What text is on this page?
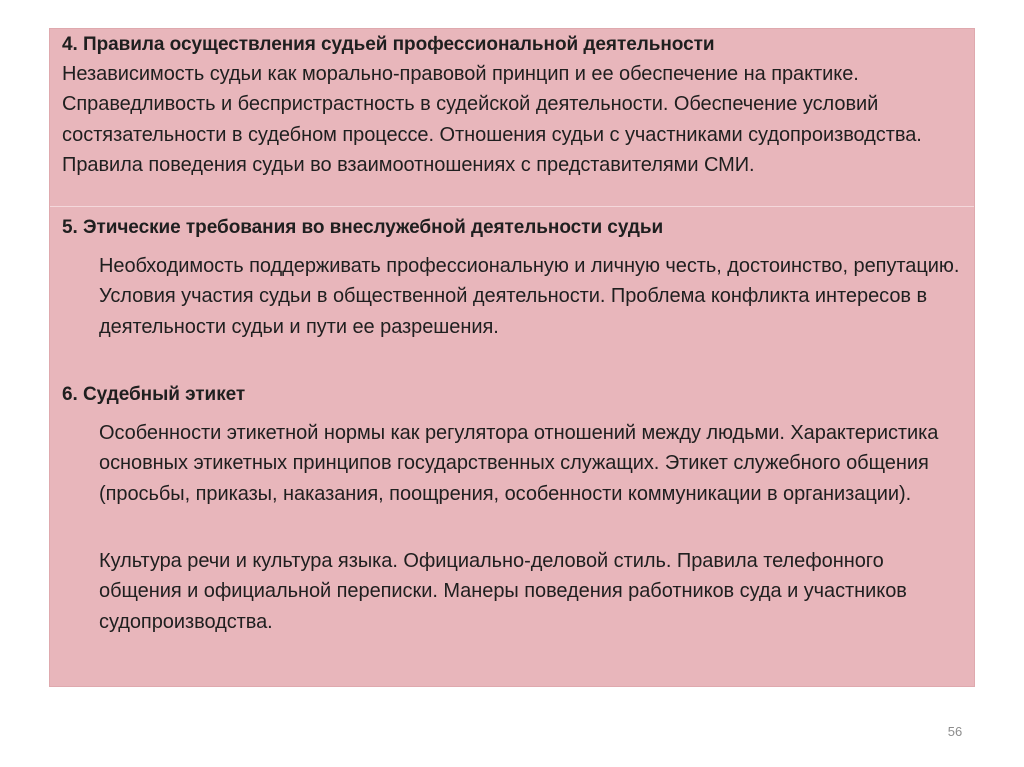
4. Правила осуществления судьей профессиональной деятельности

Независимость судьи как морально-правовой принцип и ее обеспечение на практике. Справедливость и беспристрастность в судейской деятельности. Обеспечение условий состязательности в судебном процессе. Отношения судьи с участниками судопроизводства. Правила поведения судьи во взаимоотношениях с представителями СМИ.

5. Этические требования во внеслужебной деятельности судьи

Необходимость поддерживать профессиональную и личную честь, достоинство, репутацию. Условия участия судьи в общественной деятельности. Проблема конфликта интересов в деятельности судьи и пути ее разрешения.

6. Судебный этикет

Особенности этикетной нормы как регулятора отношений между людьми. Характеристика основных этикетных принципов государственных служащих. Этикет служебного общения (просьбы, приказы, наказания, поощрения, особенности коммуникации в организации).

Культура речи и культура языка. Официально-деловой стиль. Правила телефонного общения и официальной переписки. Манеры поведения работников суда и участников судопроизводства.

56
